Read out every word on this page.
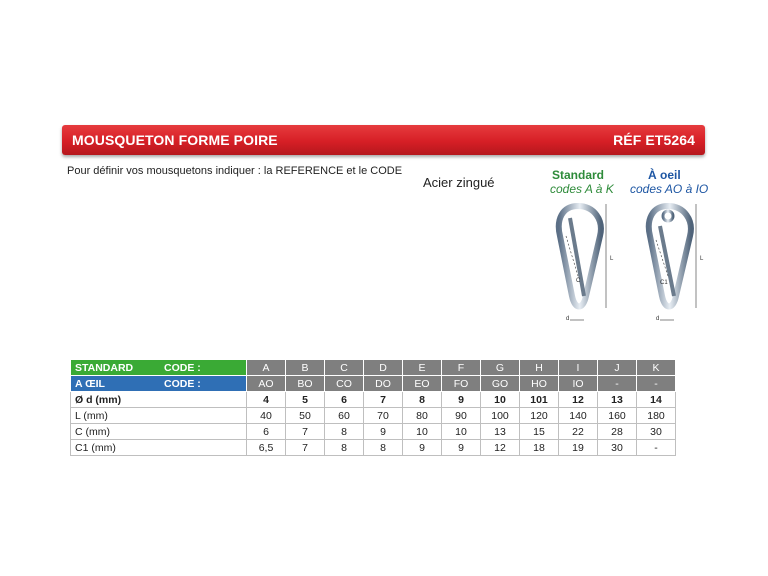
MOUSQUETON FORME POIRE	RÉF ET5264
Pour définir vos mousquetons indiquer : la REFERENCE et le CODE
Acier zingué	Standard
codes A à K
À oeil
codes AO à IO
L
C
d
L
C1
d
STANDARD CODE :	A	B	C	D	E	F	G	H	I	J	K
A ŒIL CODE :	AO	BO	CO	DO	EO	FO	GO	HO	IO	-	-
Ø d (mm)	4	5	6	7	8	9	10	101	12	13	14
L (mm)	40	50	60	70	80	90	100	120	140	160	180
C (mm)	6	7	8	9	10	10	13	15	22	28	30
C1 (mm)	6,5	7	8	8	9	9	12	18	19	30	-
